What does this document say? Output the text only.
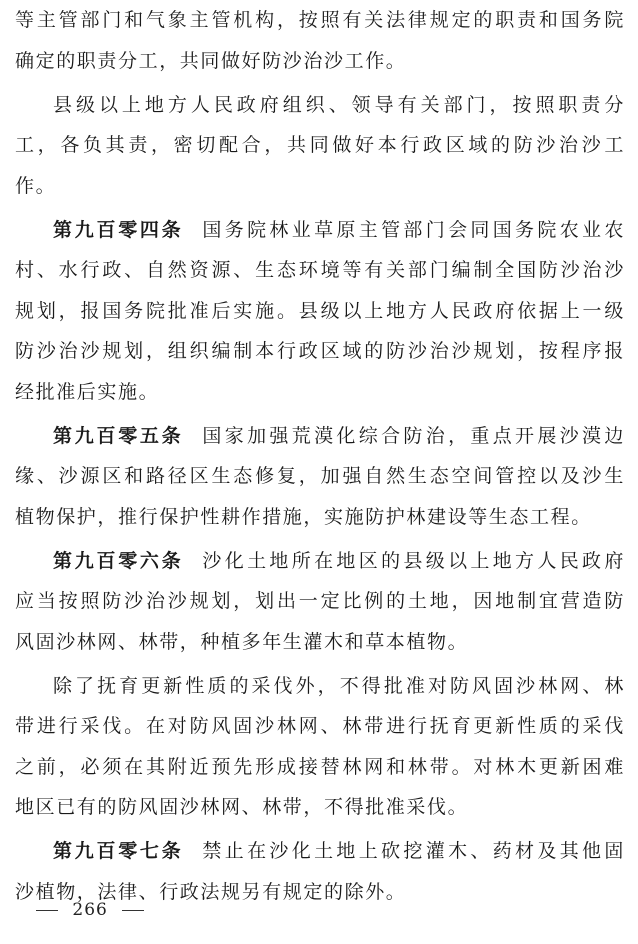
等主管部门和气象主管机构，按照有关法律规定的职责和国务院
确定的职责分工，共同做好防沙治沙工作。
县级以上地方人民政府组织、领导有关部门，按照职责分
工，各负其责，密切配合，共同做好本行政区域的防沙治沙工
作。
第九百零四条 国务院林业草原主管部门会同国务院农业农
村、水行政、自然资源、生态环境等有关部门编制全国防沙治沙
规划，报国务院批准后实施。县级以上地方人民政府依据上一级
防沙治沙规划，组织编制本行政区域的防沙治沙规划，按程序报
经批准后实施。
第九百零五条 国家加强荒漠化综合防治，重点开展沙漠边
缘、沙源区和路径区生态修复，加强自然生态空间管控以及沙生
植物保护，推行保护性耕作措施，实施防护林建设等生态工程。
第九百零六条 沙化土地所在地区的县级以上地方人民政府
应当按照防沙治沙规划，划出一定比例的土地，因地制宜营造防
风固沙林网、林带，种植多年生灌木和草本植物。
除了抚育更新性质的采伐外，不得批准对防风固沙林网、林
带进行采伐。在对防风固沙林网、林带进行抚育更新性质的采伐
之前，必须在其附近预先形成接替林网和林带。对林木更新困难
地区已有的防风固沙林网、林带，不得批准采伐。
第九百零七条 禁止在沙化土地上砍挖灌木、药材及其他固
沙植物，法律、行政法规另有规定的除外。
266
